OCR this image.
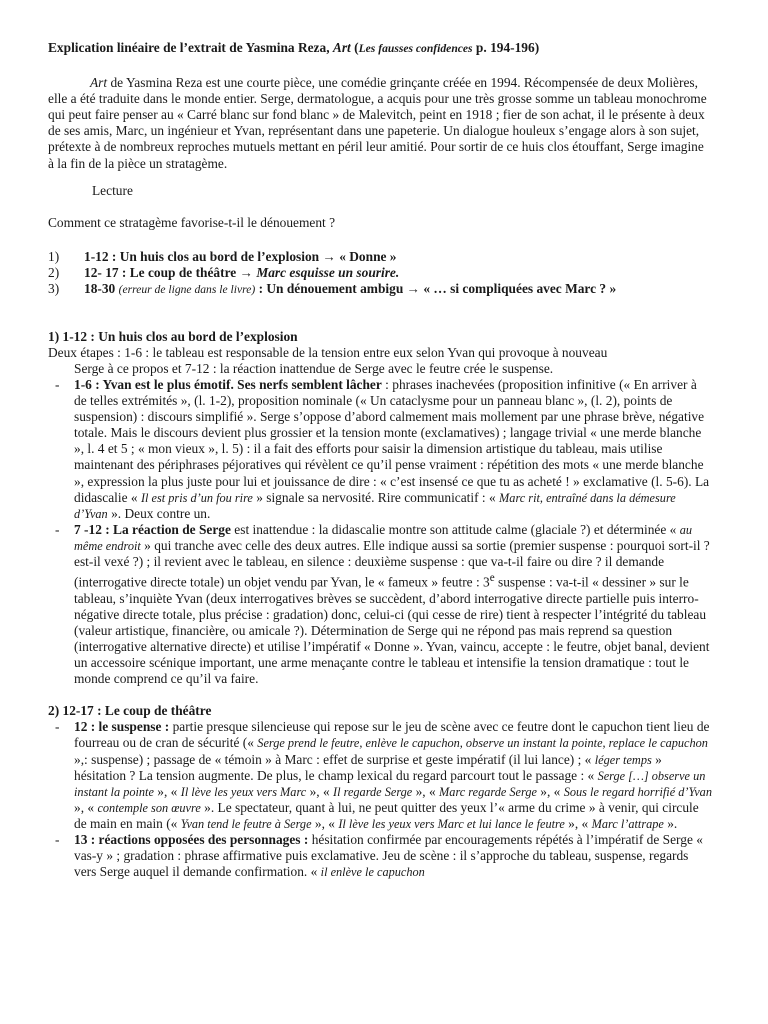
Explication linéaire de l’extrait de Yasmina Reza, Art (Les fausses confidences p. 194-196)

Art de Yasmina Reza est une courte pièce, une comédie grinçante créée en 1994. Récompensée de deux Molières, elle a été traduite dans le monde entier. Serge, dermatologue, a acquis pour une très grosse somme un tableau monochrome qui peut faire penser au « Carré blanc sur fond blanc » de Malevitch, peint en 1918 ; fier de son achat, il le présente à deux de ses amis, Marc, un ingénieur et Yvan, représentant dans une papeterie. Un dialogue houleux s’engage alors à son sujet, prétexte à de nombreux reproches mutuels mettant en péril leur amitié. Pour sortir de ce huis clos étouffant, Serge imagine à la fin de la pièce un stratagème.

Lecture

Comment ce stratagème favorise-t-il le dénouement ?

1)	1-12 : Un huis clos au bord de l’explosion → « Donne »
2)	12- 17 : Le coup de théâtre → Marc esquisse un sourire.
3)	18-30 (erreur de ligne dans le livre) : Un dénouement ambigu → « … si compliquées avec Marc ? »

1) 1-12 : Un huis clos au bord de l’explosion

Deux étapes : 1-6 : le tableau est responsable de la tension entre eux selon Yvan qui provoque à nouveau

Serge à ce propos et 7-12 : la réaction inattendue de Serge avec le feutre crée le suspense.

- 1-6 : Yvan est le plus émotif. Ses nerfs semblent lâcher : phrases inachevées (proposition infinitive (« En arriver à de telles extrémités », (l. 1-2), proposition nominale (« Un cataclysme pour un panneau blanc », (l. 2), points de suspension) : discours simplifié ». Serge s’oppose d’abord calmement mais mollement par une phrase brève, négative totale. Mais le discours devient plus grossier et la tension monte (exclamatives) ; langage trivial « une merde blanche », l. 4 et 5 ; « mon vieux », l. 5) : il a fait des efforts pour saisir la dimension artistique du tableau, mais utilise maintenant des périphrases péjoratives qui révèlent ce qu’il pense vraiment : répétition des mots « une merde blanche », expression la plus juste pour lui et jouissance de dire : « c’est insensé ce que tu as acheté ! » exclamative (l. 5-6). La didascalie « Il est pris d’un fou rire » signale sa nervosité. Rire communicatif : « Marc rit, entraîné dans la démesure d’Yvan ». Deux contre un.

- 7 -12 : La réaction de Serge est inattendue : la didascalie montre son attitude calme (glaciale ?) et déterminée « au même endroit » qui tranche avec celle des deux autres. Elle indique aussi sa sortie (premier suspense : pourquoi sort-il ? est-il vexé ?) ; il revient avec le tableau, en silence : deuxième suspense : que va-t-il faire ou dire ? il demande (interrogative directe totale) un objet vendu par Yvan, le « fameux » feutre : 3e suspense : va-t-il « dessiner » sur le tableau, s’inquiète Yvan (deux interrogatives brèves se succèdent, d’abord interrogative directe partielle puis interro-négative directe totale, plus précise : gradation) donc, celui-ci (qui cesse de rire) tient à respecter l’intégrité du tableau (valeur artistique, financière, ou amicale ?). Détermination de Serge qui ne répond pas mais reprend sa question (interrogative alternative directe) et utilise l’impératif « Donne ». Yvan, vaincu, accepte : le feutre, objet banal, devient un accessoire scénique important, une arme menaçante contre le tableau et intensifie la tension dramatique : tout le monde comprend ce qu’il va faire.

2) 12-17 : Le coup de théâtre

- 12 : le suspense : partie presque silencieuse qui repose sur le jeu de scène avec ce feutre dont le capuchon tient lieu de fourreau ou de cran de sécurité (« Serge prend le feutre, enlève le capuchon, observe un instant la pointe, replace le capuchon »,: suspense) ; passage de « témoin » à Marc : effet de surprise et geste impératif (il lui lance) ; « léger temps » hésitation ? La tension augmente. De plus, le champ lexical du regard parcourt tout le passage : « Serge […] observe un instant la pointe », « Il lève les yeux vers Marc », « Il regarde Serge », « Marc regarde Serge », « Sous le regard horrifié d’Yvan », « contemple son œuvre ». Le spectateur, quant à lui, ne peut quitter des yeux l’« arme du crime » à venir, qui circule de main en main (« Yvan tend le feutre à Serge », « Il lève les yeux vers Marc et lui lance le feutre », « Marc l’attrape ».

- 13 : réactions opposées des personnages : hésitation confirmée par encouragements répétés à l’impératif de Serge « vas-y » ; gradation : phrase affirmative puis exclamative. Jeu de scène : il s’approche du tableau, suspense, regards vers Serge auquel il demande confirmation. « il enlève le capuchon
